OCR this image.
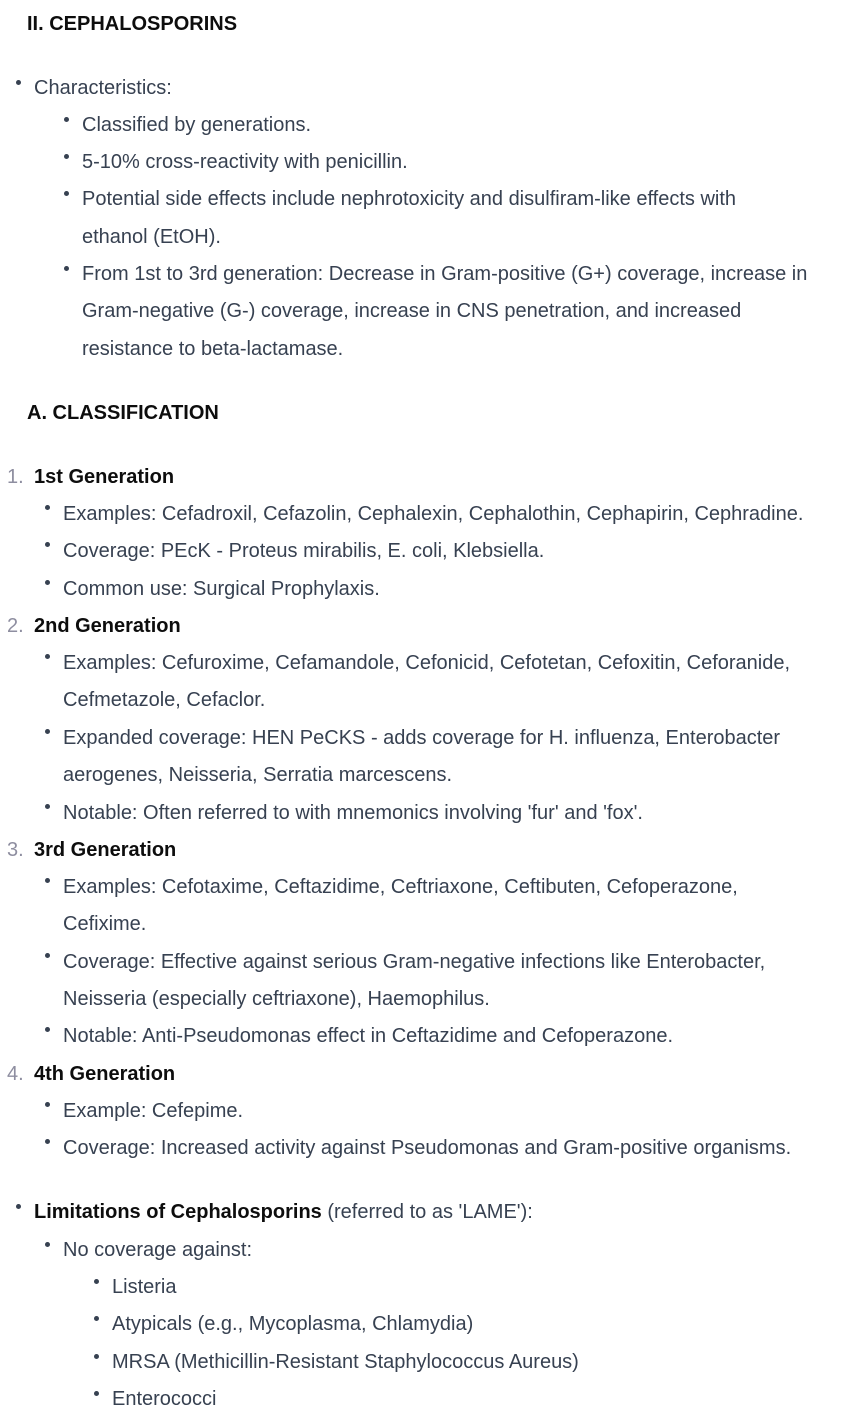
II. CEPHALOSPORINS
Characteristics:
Classified by generations.
5-10% cross-reactivity with penicillin.
Potential side effects include nephrotoxicity and disulfiram-like effects with
ethanol (EtOH).
From 1st to 3rd generation: Decrease in Gram-positive (G+) coverage, increase in
Gram-negative (G-) coverage, increase in CNS penetration, and increased
resistance to beta-lactamase.
A. CLASSIFICATION
1. 1st Generation
Examples: Cefadroxil, Cefazolin, Cephalexin, Cephalothin, Cephapirin, Cephradine.
Coverage: PEcK - Proteus mirabilis, E. coli, Klebsiella.
Common use: Surgical Prophylaxis.
2. 2nd Generation
Examples: Cefuroxime, Cefamandole, Cefonicid, Cefotetan, Cefoxitin, Ceforanide,
Cefmetazole, Cefaclor.
Expanded coverage: HEN PeCKS - adds coverage for H. influenza, Enterobacter
aerogenes, Neisseria, Serratia marcescens.
Notable: Often referred to with mnemonics involving 'fur' and 'fox'.
3. 3rd Generation
Examples: Cefotaxime, Ceftazidime, Ceftriaxone, Ceftibuten, Cefoperazone,
Cefixime.
Coverage: Effective against serious Gram-negative infections like Enterobacter,
Neisseria (especially ceftriaxone), Haemophilus.
Notable: Anti-Pseudomonas effect in Ceftazidime and Cefoperazone.
4. 4th Generation
Example: Cefepime.
Coverage: Increased activity against Pseudomonas and Gram-positive organisms.
Limitations of Cephalosporins (referred to as 'LAME'):
No coverage against:
Listeria
Atypicals (e.g., Mycoplasma, Chlamydia)
MRSA (Methicillin-Resistant Staphylococcus Aureus)
Enterococci
